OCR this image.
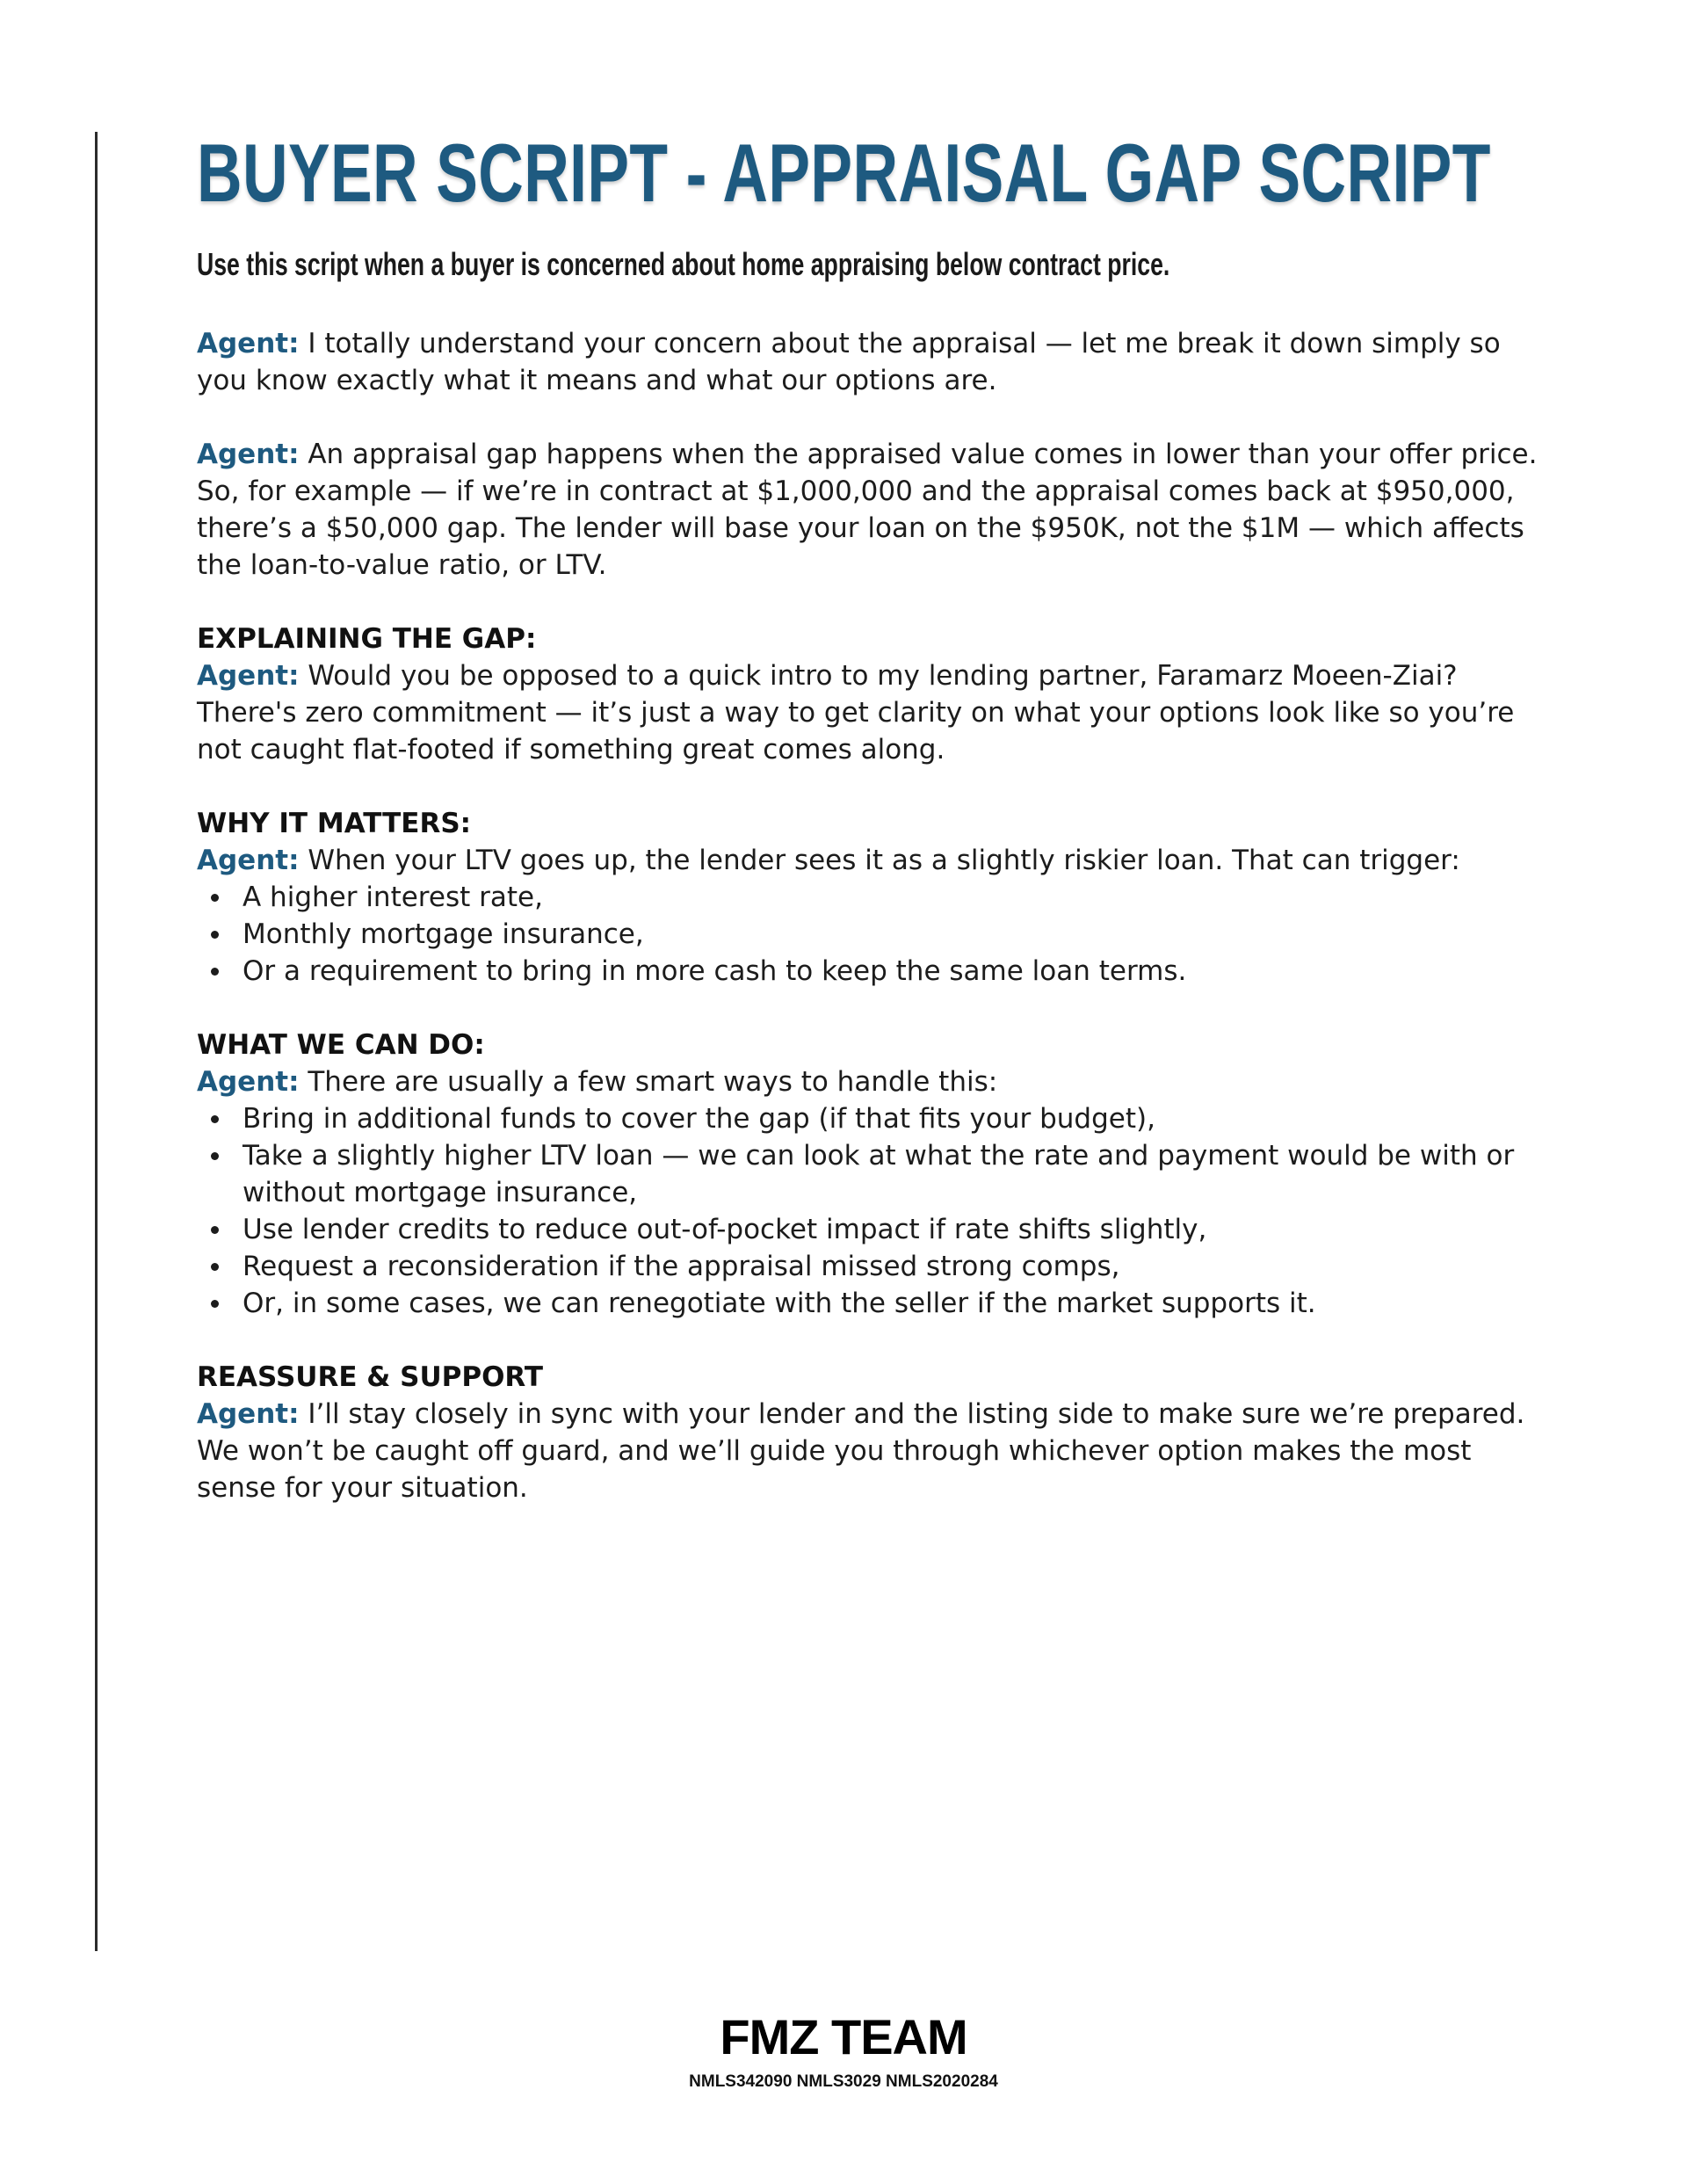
BUYER SCRIPT - APPRAISAL GAP SCRIPT
Use this script when a buyer is concerned about home appraising below contract price.

Agent: I totally understand your concern about the appraisal — let me break it down simply so you know exactly what it means and what our options are.

Agent: An appraisal gap happens when the appraised value comes in lower than your offer price. So, for example — if we’re in contract at $1,000,000 and the appraisal comes back at $950,000, there’s a $50,000 gap. The lender will base your loan on the $950K, not the $1M — which affects the loan-to-value ratio, or LTV.

EXPLAINING THE GAP:

Agent: Would you be opposed to a quick intro to my lending partner, Faramarz Moeen-Ziai? There's zero commitment — it’s just a way to get clarity on what your options look like so you’re not caught flat-footed if something great comes along.

WHY IT MATTERS:

Agent: When your LTV goes up, the lender sees it as a slightly riskier loan. That can trigger:

A higher interest rate,
Monthly mortgage insurance,
Or a requirement to bring in more cash to keep the same loan terms.

WHAT WE CAN DO:

Agent: There are usually a few smart ways to handle this:

Bring in additional funds to cover the gap (if that fits your budget),
Take a slightly higher LTV loan — we can look at what the rate and payment would be with or without mortgage insurance,
Use lender credits to reduce out-of-pocket impact if rate shifts slightly,
Request a reconsideration if the appraisal missed strong comps,
Or, in some cases, we can renegotiate with the seller if the market supports it.

REASSURE & SUPPORT

Agent: I’ll stay closely in sync with your lender and the listing side to make sure we’re prepared. We won’t be caught off guard, and we’ll guide you through whichever option makes the most sense for your situation.

FMZ TEAM
NMLS342090 NMLS3029 NMLS2020284
